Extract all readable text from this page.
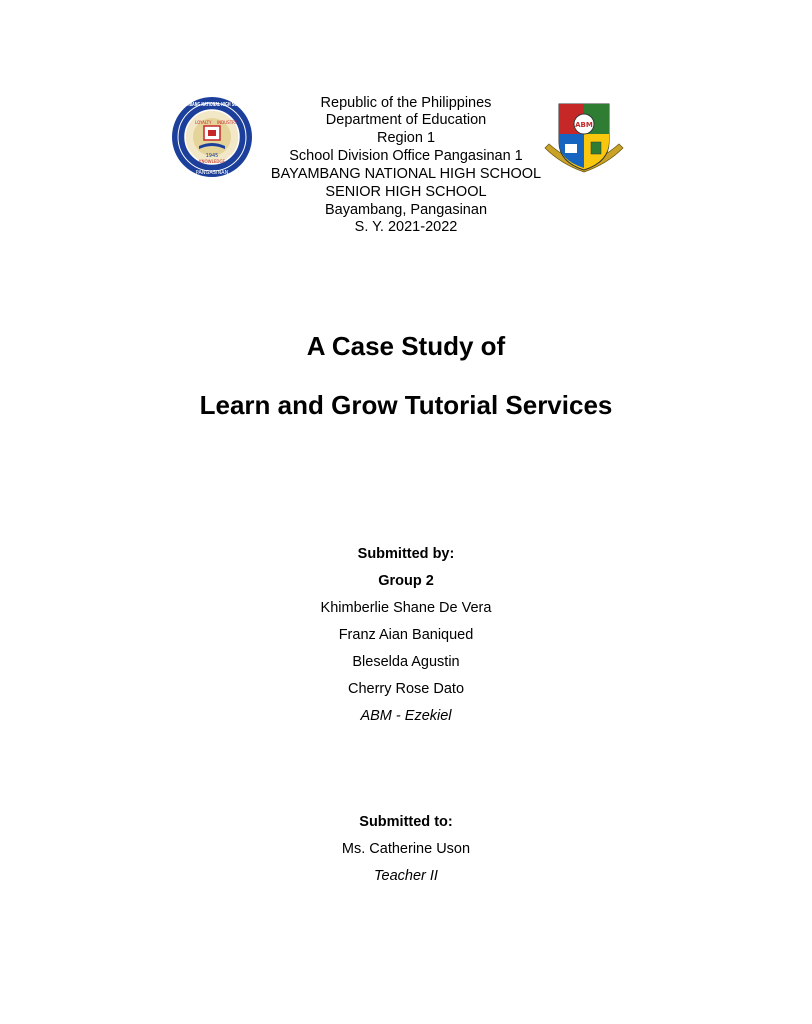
1945
BAYAMBANG NATIONAL HIGH SCHOOL
PANGASINAN
LOYALTY INDUSTRY
KNOWLEDGE
ABM
Republic of the Philippines
Department of Education
Region 1
School Division Office Pangasinan 1
BAYAMBANG NATIONAL HIGH SCHOOL
SENIOR HIGH SCHOOL
Bayambang, Pangasinan
S. Y. 2021-2022
A Case Study of
Learn and Grow Tutorial Services
Submitted by:
Group 2
Khimberlie Shane De Vera
Franz Aian Baniqued
Bleselda Agustin
Cherry Rose Dato
ABM - Ezekiel
Submitted to:
Ms. Catherine Uson
Teacher II
